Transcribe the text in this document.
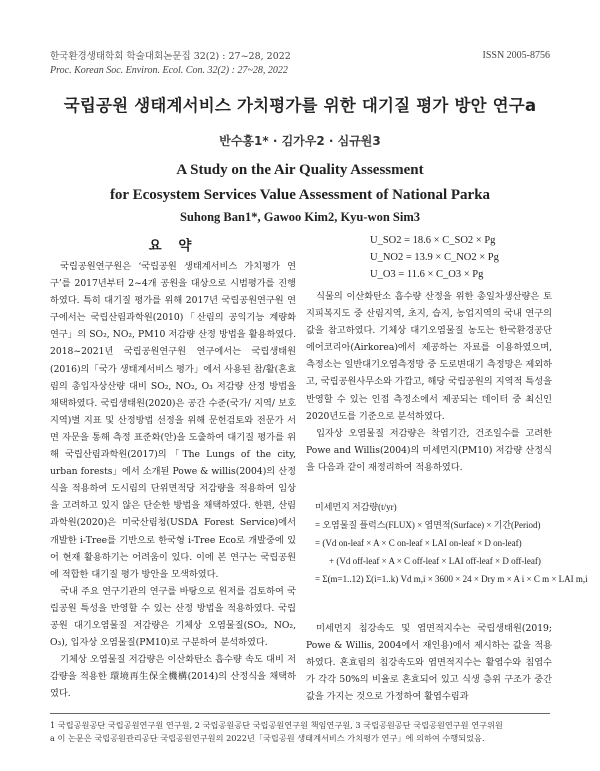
한국환경생태학회 학술대회논문집 32(2) : 27~28, 2022
Proc. Korean Soc. Environ. Ecol. Con. 32(2) : 27~28, 2022
ISSN 2005-8756
국립공원 생태계서비스 가치평가를 위한 대기질 평가 방안 연구a
반수홍1* · 김가우2 · 심규원3
A Study on the Air Quality Assessment
for Ecosystem Services Value Assessment of National Parka
Suhong Ban1*, Gawoo Kim2, Kyu-won Sim3
요 약

국립공원연구원은 ‘국립공원 생태계서비스 가치평가 연구’를 2017년부터 2~4개 공원을 대상으로 시범평가를 진행하였다. 특히 대기질 평가를 위해 2017년 국립공원연구원 연구에서는 국립산림과학원(2010)「산림의 공익기능 계량화 연구」의 SO₂, NO₂, PM10 저감량 산정 방법을 활용하였다. 2018~2021년 국립공원연구원 연구에서는 국립생태원(2016)의「국가 생태계서비스 평가」에서 사용된 참/활(혼효림의 총입자상산량 대비 SO₂, NO₂, O₃ 저감량 산정 방법을 채택하였다. 국립생태원(2020)은 공간 수준(국가/ 지역/ 보호지역)별 지표 및 산정방법 선정을 위해 문헌검토와 전문가 서면 자문을 통해 측정 표준화(안)을 도출하여 대기질 평가를 위해 국립산림과학원(2017)의「The Lungs of the city, urban forests」에서 소개된 Powe & willis(2004)의 산정식을 적용하여 도시림의 단위면적당 저감량을 적용하여 임상을 고려하고 있지 않은 단순한 방법을 채택하였다. 한편, 산림과학원(2020)은 미국산림청(USDA Forest Service)에서 개발한 i-Tree를 기반으로 한국형 i-Tree Eco로 개발중에 있어 현재 활용하기는 어려움이 있다. 이에 본 연구는 국립공원에 적합한 대기질 평가 방안을 모색하였다.

국내 주요 연구기관의 연구를 바탕으로 원저를 검토하여 국립공원 특성을 반영할 수 있는 산정 방법을 적용하였다. 국립공원 대기오염물질 저감량은 기체상 오염물질(SO₂, NO₂, O₃), 입자상 오염물질(PM10)로 구분하여 분석하였다.

기체상 오염물질 저감량은 이산화탄소 흡수량 속도 대비 저감량을 적용한 環境再生保全機構(2014)의 산정식을 채택하였다.

U_SO2 = 18.6 × C_SO2 × Pg
U_NO2 = 13.9 × C_NO2 × Pg
U_O3 = 11.6 × C_O3 × Pg

식물의 이산화탄소 흡수량 산정을 위한 총일차생산량은 토지피복지도 중 산림지역, 초지, 습지, 농업지역의 국내 연구의 값을 참고하였다. 기체상 대기오염물질 농도는 한국환경공단 에어코리아(Airkorea)에서 제공하는 자료를 이용하였으며, 측정소는 일반대기오염측정망 중 도로변대기 측정망은 제외하고, 국립공원사무소와 가깝고, 해당 국립공원의 지역적 특성을 반영할 수 있는 인접 측정소에서 제공되는 데이터 중 최신인 2020년도를 기준으로 분석하였다.

입자상 오염물질 저감량은 착엽기간, 건조일수를 고려한 Powe and Willis(2004)의 미세먼지(PM10) 저감량 산정식을 다음과 같이 재정리하여 적용하였다.

미세먼지 저감량(t/yr)
= 오염물질 플럭스(FLUX) × 엽면적(Surface) × 기간(Period)
= (Vd on-leaf × A × C on-leaf × LAI on-leaf × D on-leaf)
+ (Vd off-leaf × A × C off-leaf × LAI off-leaf × D off-leaf)
= Σ(m=1..12) Σ(i=1..k) Vd m,i × 3600 × 24 × Dry m × A i × C m × LAI m,i

미세먼지 침강속도 및 엽면적지수는 국립생태원(2019; Powe & Willis, 2004에서 재인용)에서 제시하는 값을 적용하였다. 혼효림의 침강속도와 엽면적지수는 활엽수와 침엽수가 각각 50%의 비율로 혼효되어 있고 식생 층위 구조가 중간값을 가지는 것으로 가정하여 활엽수림과

1 국립공원공단 국립공원연구원 연구원, 2 국립공원공단 국립공원연구원 책임연구원, 3 국립공원공단 국립공원연구원 연구위원
a 이 논문은 국립공원관리공단 국립공원연구원의 2022년「국립공원 생태계서비스 가치평가 연구」에 의하여 수행되었음.
